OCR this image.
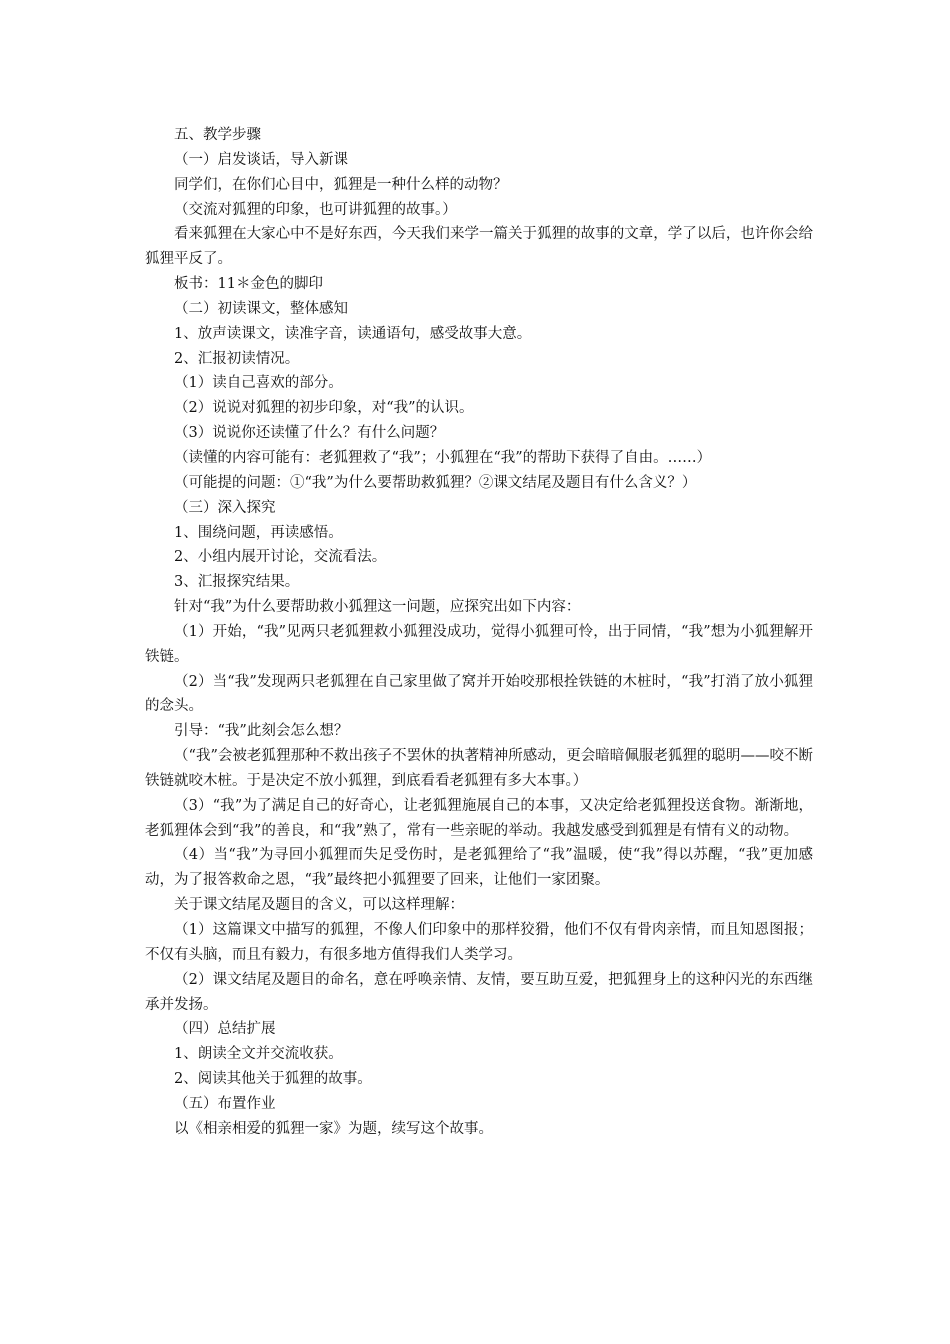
五、教学步骤

（一）启发谈话，导入新课

同学们，在你们心目中，狐狸是一种什么样的动物？

（交流对狐狸的印象，也可讲狐狸的故事。）

看来狐狸在大家心中不是好东西，今天我们来学一篇关于狐狸的故事的文章，学了以后，也许你会给狐狸平反了。

板书：11＊金色的脚印

（二）初读课文，整体感知

1、放声读课文，读准字音，读通语句，感受故事大意。

2、汇报初读情况。

（1）读自己喜欢的部分。

（2）说说对狐狸的初步印象，对“我”的认识。

（3）说说你还读懂了什么？有什么问题？

（读懂的内容可能有：老狐狸救了“我”；小狐狸在“我”的帮助下获得了自由。……）

（可能提的问题：①“我”为什么要帮助救狐狸？②课文结尾及题目有什么含义？）

（三）深入探究

1、围绕问题，再读感悟。

2、小组内展开讨论，交流看法。

3、汇报探究结果。

针对“我”为什么要帮助救小狐狸这一问题，应探究出如下内容：

（1）开始，“我”见两只老狐狸救小狐狸没成功，觉得小狐狸可怜，出于同情，“我”想为小狐狸解开铁链。

（2）当“我”发现两只老狐狸在自己家里做了窝并开始咬那根拴铁链的木桩时，“我”打消了放小狐狸的念头。

引导：“我”此刻会怎么想？

（“我”会被老狐狸那种不救出孩子不罢休的执著精神所感动，更会暗暗佩服老狐狸的聪明——咬不断铁链就咬木桩。于是决定不放小狐狸，到底看看老狐狸有多大本事。）

（3）“我”为了满足自己的好奇心，让老狐狸施展自己的本事，又决定给老狐狸投送食物。渐渐地，老狐狸体会到“我”的善良，和“我”熟了，常有一些亲昵的举动。我越发感受到狐狸是有情有义的动物。

（4）当“我”为寻回小狐狸而失足受伤时，是老狐狸给了“我”温暖，使“我”得以苏醒，“我”更加感动，为了报答救命之恩，“我”最终把小狐狸要了回来，让他们一家团聚。

关于课文结尾及题目的含义，可以这样理解：

（1）这篇课文中描写的狐狸，不像人们印象中的那样狡猾，他们不仅有骨肉亲情，而且知恩图报；不仅有头脑，而且有毅力，有很多地方值得我们人类学习。

（2）课文结尾及题目的命名，意在呼唤亲情、友情，要互助互爱，把狐狸身上的这种闪光的东西继承并发扬。

（四）总结扩展

1、朗读全文并交流收获。

2、阅读其他关于狐狸的故事。

（五）布置作业

以《相亲相爱的狐狸一家》为题，续写这个故事。
